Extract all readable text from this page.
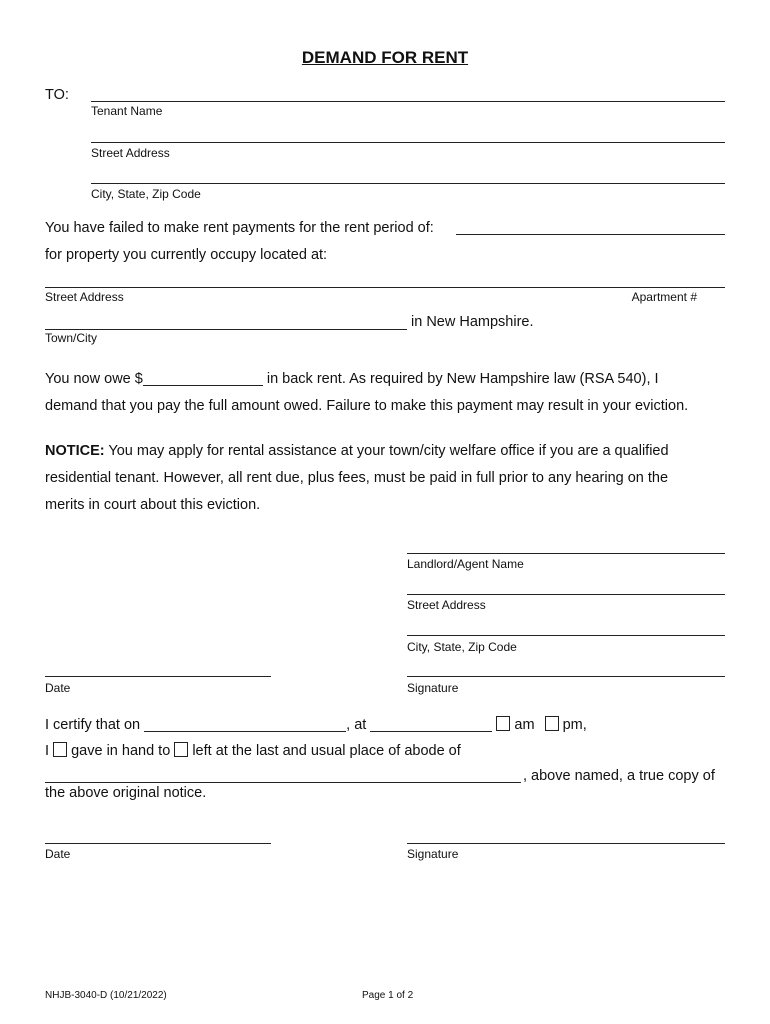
DEMAND FOR RENT
TO:
Tenant Name
Street Address
City, State, Zip Code
You have failed to make rent payments for the rent period of:
for property you currently occupy located at:
Street Address	Apartment #
in New Hampshire.
Town/City
You now owe $	in back rent. As required by New Hampshire law (RSA 540), I
demand that you pay the full amount owed. Failure to make this payment may result in your eviction.
NOTICE: You may apply for rental assistance at your town/city welfare office if you are a qualified
residential tenant. However, all rent due, plus fees, must be paid in full prior to any hearing on the
merits in court about this eviction.
Landlord/Agent Name
Street Address
City, State, Zip Code
Date	Signature
I certify that on	, at	am pm,
I gave in hand to left at the last and usual place of abode of
, above named, a true copy of
the above original notice.
Date	Signature
NHJB-3040-D (10/21/2022)	Page 1 of 2
